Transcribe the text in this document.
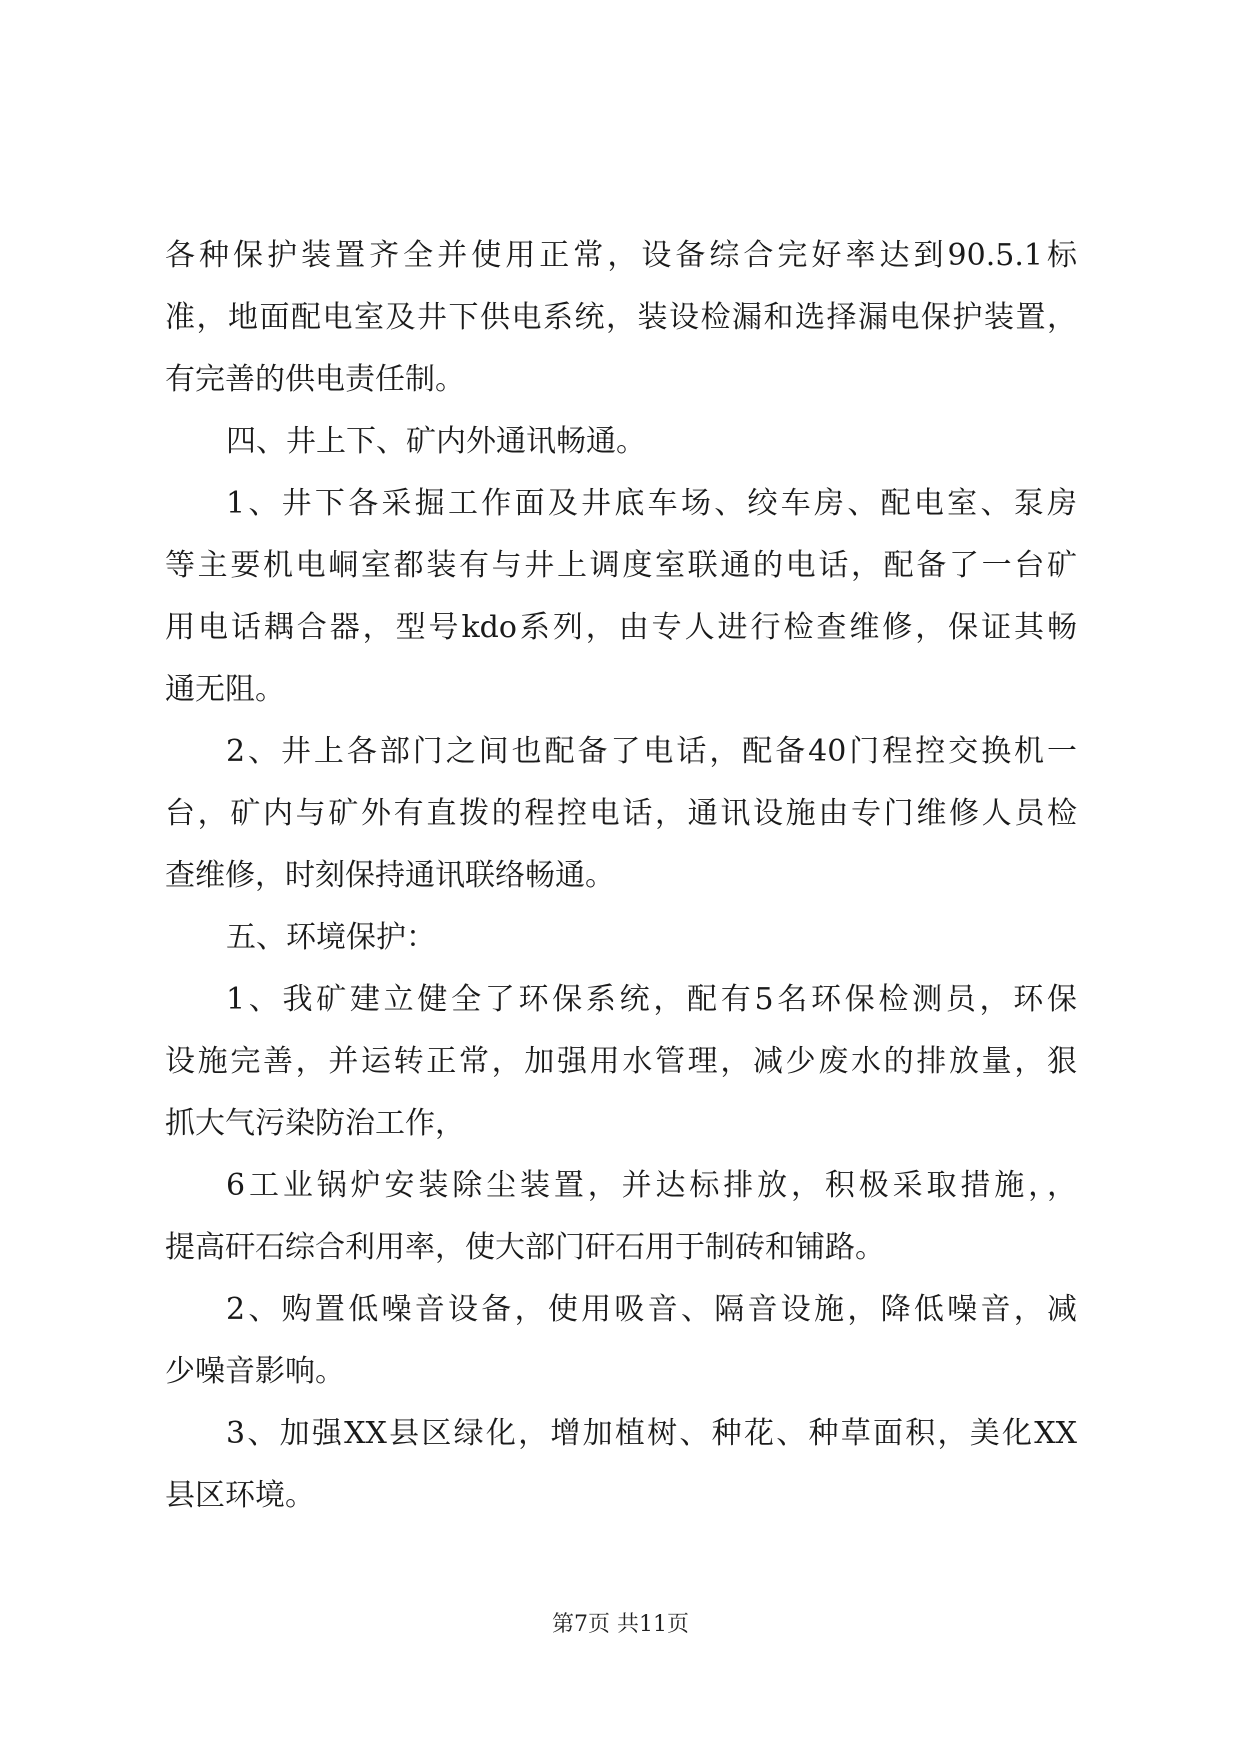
各种保护装置齐全并使用正常，设备综合完好率达到90.5.1标
准，地面配电室及井下供电系统，装设检漏和选择漏电保护装置，
有完善的供电责任制。
四、井上下、矿内外通讯畅通。
1、井下各采掘工作面及井底车场、绞车房、配电室、泵房
等主要机电峒室都装有与井上调度室联通的电话，配备了一台矿
用电话耦合器，型号kdo系列，由专人进行检查维修，保证其畅
通无阻。
2、井上各部门之间也配备了电话，配备40门程控交换机一
台，矿内与矿外有直拨的程控电话，通讯设施由专门维修人员检
查维修，时刻保持通讯联络畅通。
五、环境保护：
1、我矿建立健全了环保系统，配有5名环保检测员，环保
设施完善，并运转正常，加强用水管理，减少废水的排放量，狠
抓大气污染防治工作，
6工业锅炉安装除尘装置，并达标排放，积极采取措施，，
提高矸石综合利用率，使大部门矸石用于制砖和铺路。
2、购置低噪音设备，使用吸音、隔音设施，降低噪音，减
少噪音影响。
3、加强XX县区绿化，增加植树、种花、种草面积，美化XX
县区环境。
第7页 共11页
